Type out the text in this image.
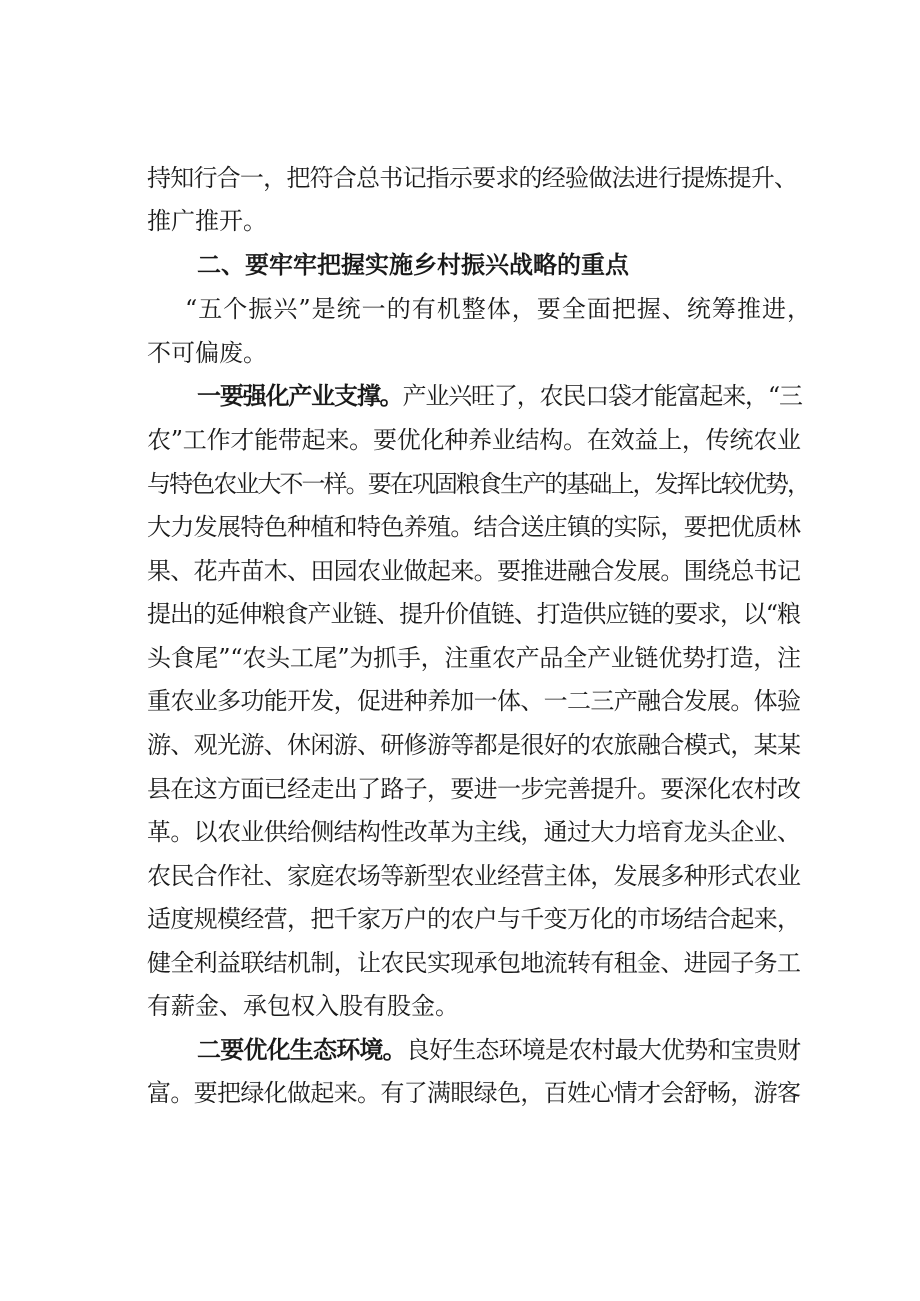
持知行合一，把符合总书记指示要求的经验做法进行提炼提升、
推广推开。
二、要牢牢把握实施乡村振兴战略的重点
“五个振兴”是统一的有机整体，要全面把握、统筹推进，
不可偏废。
一要强化产业支撑。产业兴旺了，农民口袋才能富起来，“三
农”工作才能带起来。要优化种养业结构。在效益上，传统农业
与特色农业大不一样。要在巩固粮食生产的基础上，发挥比较优势，
大力发展特色种植和特色养殖。结合送庄镇的实际，要把优质林
果、花卉苗木、田园农业做起来。要推进融合发展。围绕总书记
提出的延伸粮食产业链、提升价值链、打造供应链的要求，以“粮
头食尾”“农头工尾”为抓手，注重农产品全产业链优势打造，注
重农业多功能开发，促进种养加一体、一二三产融合发展。体验
游、观光游、休闲游、研修游等都是很好的农旅融合模式，某某
县在这方面已经走出了路子，要进一步完善提升。要深化农村改
革。以农业供给侧结构性改革为主线，通过大力培育龙头企业、
农民合作社、家庭农场等新型农业经营主体，发展多种形式农业
适度规模经营，把千家万户的农户与千变万化的市场结合起来，
健全利益联结机制，让农民实现承包地流转有租金、进园子务工
有薪金、承包权入股有股金。
二要优化生态环境。良好生态环境是农村最大优势和宝贵财
富。要把绿化做起来。有了满眼绿色，百姓心情才会舒畅，游客
